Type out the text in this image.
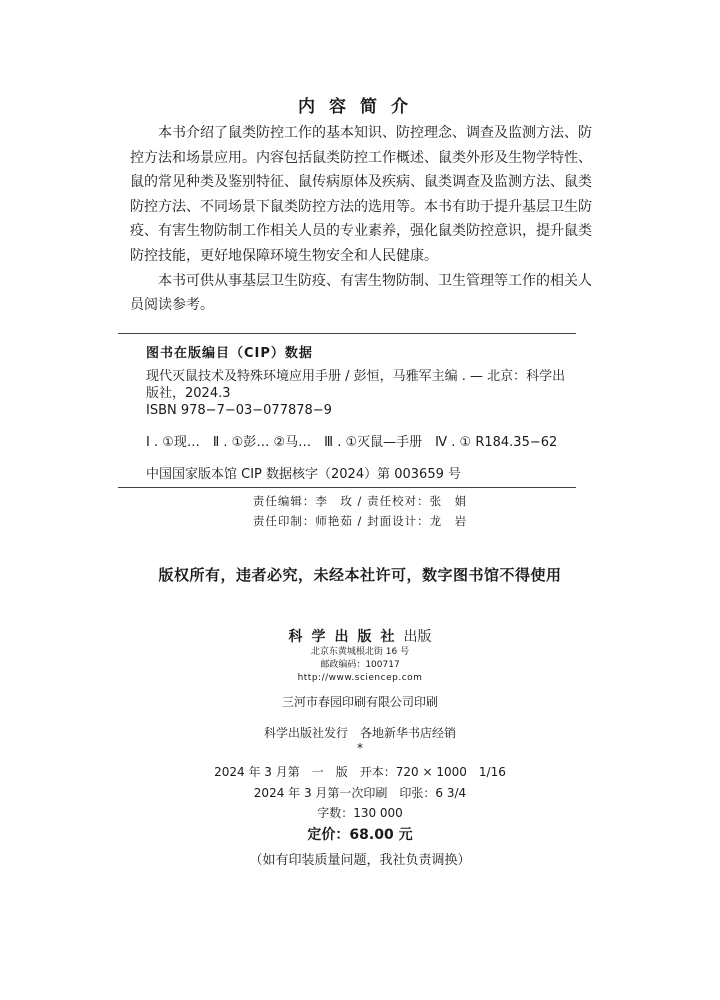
内容简介

本书介绍了鼠类防控工作的基本知识、防控理念、调查及监测方法、防控方法和场景应用。内容包括鼠类防控工作概述、鼠类外形及生物学特性、鼠的常见种类及鉴别特征、鼠传病原体及疾病、鼠类调查及监测方法、鼠类防控方法、不同场景下鼠类防控方法的选用等。本书有助于提升基层卫生防疫、有害生物防制工作相关人员的专业素养，强化鼠类防控意识，提升鼠类防控技能，更好地保障环境生物安全和人民健康。

本书可供从事基层卫生防疫、有害生物防制、卫生管理等工作的相关人员阅读参考。

图书在版编目（CIP）数据
现代灭鼠技术及特殊环境应用手册 / 彭恒，马雅军主编 . — 北京：科学出
版社，2024.3
ISBN 978−7−03−077878−9
Ⅰ . ①现…　Ⅱ . ①彭… ②马…　Ⅲ . ①灭鼠—手册　Ⅳ . ① R184.35−62
中国国家版本馆 CIP 数据核字（2024）第 003659 号
责任编辑：李　玫 / 责任校对：张　娟
责任印制：师艳茹 / 封面设计：龙　岩
版权所有，违者必究，未经本社许可，数字图书馆不得使用
科学出版社出版
北京东黄城根北街 16 号
邮政编码：100717
http://www.sciencep.com
三河市春园印刷有限公司印刷
科学出版社发行　各地新华书店经销
*
2024 年 3 月第　一　版　开本：720 × 1000　1/16
2024 年 3 月第一次印刷　印张：6 3/4
字数：130 000
定价：68.00 元
（如有印装质量问题，我社负责调换）
